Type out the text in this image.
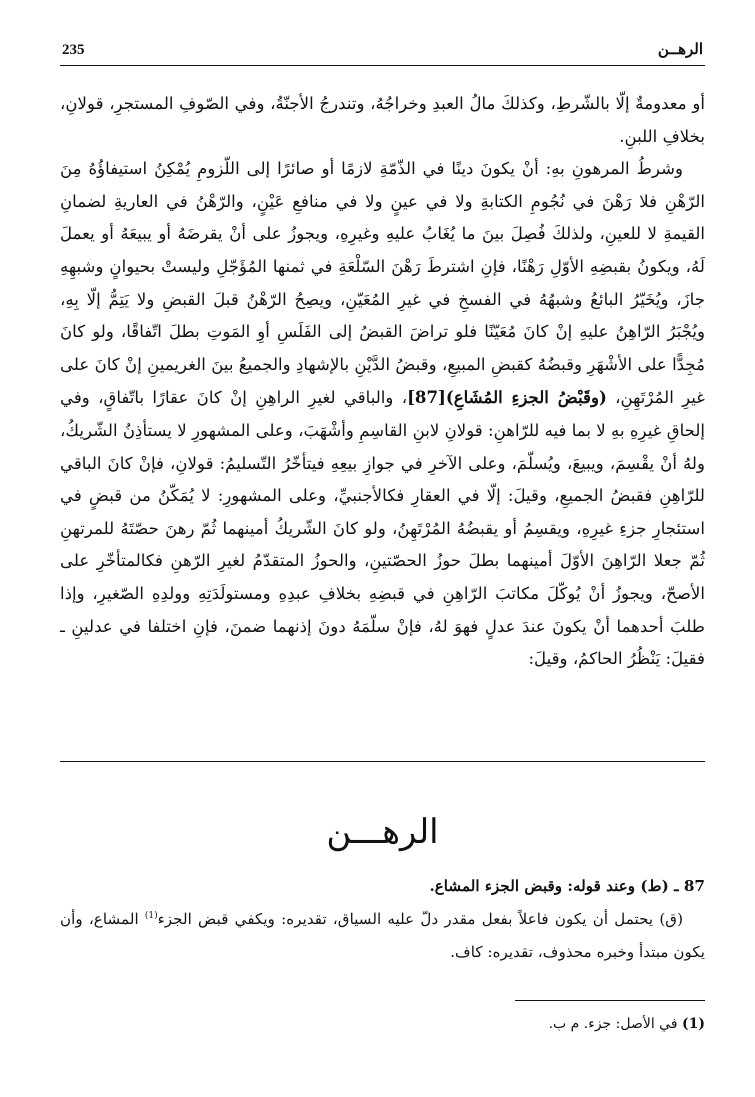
235	الرهــن

أو معدومةٌ إلّا بالشّرطِ، وكذلكَ مالُ العبدِ وخراجُهُ، وتندرجُ الأجنّةُ، وفي الصّوفِ المستجرِ، قولانِ، بخلافِ اللبنِ.

وشرطُ المرهونِ بهِ: أنْ يكونَ دينًا في الذّمّةِ لازمًا أو صائرًا إلى اللّزومِ يُمْكِنُ استيفاؤُهُ مِنَ الرّهْنِ فلا رَهْنَ في نُجُومِ الكتابةِ ولا في عينٍ ولا في منافعِ عَيْنٍ، والرّهْنُ في العاريةِ لضمانِ القيمةِ لا للعينِ، ولذلكَ فُصِلَ بينَ ما يُغَابُ عليهِ وغيرِهِ، ويجوزُ على أنْ يقرضَهُ أو يبيعَهُ أو يعملَ لَهُ، ويكونُ بقبضِهِ الأوّلِ رَهْنًا، فإنِ اشترطَ رَهْنَ السّلْعَةِ في ثمنها المُؤَجّلِ وليستْ بحيوانٍ وشبهِهِ جازَ، ويُخَيّرُ البائعُ وشبهُهُ في الفسخِ في غيرِ المُعَيّنِ، ويصِحُ الرّهْنُ قبلَ القبضِ ولا يَتِمُّ إلّا بِهِ، ويُجْبَرُ الرّاهِنُ عليهِ إنْ كانَ مُعَيّنًا فلو تراضَ القبضُ إلى الفَلَسِ أوِ المَوتِ بطلَ اتّفاقًا، ولو كانَ مُجِدًّا على الأشْهَرِ وقبضُهُ كقبضِ المبيعِ، وقبضُ الدَّيْنِ بالإشهادِ والجميعُ بينَ الغريمينِ إنْ كانَ على غيرِ المُرْتَهِنِ، (وقَبْضُ الجزءِ المُشَاعِ)[87]، والباقي لغيرِ الراهِنِ إنْ كانَ عقارًا باتّفاقٍ، وفي إلحاقِ غيرِهِ بهِ لا بما فيه للرّاهنِ: قولانِ لابنِ القاسِمِ وأشْهَبَ، وعلى المشهورِ لا يستأذِنُ الشّريكُ، ولهُ أنْ يقْسِمَ، ويبيعَ، ويُسلّمَ، وعلى الآخرِ في جوازِ بيعِهِ فيتأخّرُ التّسليمُ: قولانِ، فإنْ كانَ الباقي للرّاهِنِ فقبضُ الجميعِ، وقيلَ: إلّا في العقارِ فكالأجنبيِّ، وعلى المشهورِ: لا يُمَكّنُ من قبضٍ في استئجارِ جزءِ غيرِهِ، ويقسِمُ أو يقبضُهُ المُرْتَهِنُ، ولو كانَ الشّريكُ أمينهما ثُمّ رهنَ حصّتَهُ للمرتهنِ ثُمّ جعلا الرّاهِنَ الأوّلَ أمينهما بطلَ حوزُ الحصّتينِ، والحوزُ المتقدّمُ لغيرِ الرّهنِ فكالمتأخّرِ على الأصحّ، ويجوزُ أنْ يُوكّلَ مكاتبَ الرّاهِنِ في قبضِهِ بخلافِ عبدِهِ ومستولَدَتِهِ وولدِهِ الصّغيرِ، وإذا طلبَ أحدهما أنْ يكونَ عندَ عدلٍ فهوَ لهُ، فإنْ سلّمَهُ دونَ إذنهما ضمنَ، فإنِ اختلفا في عدلينِ ـ فقيلَ: يَنْظُرُ الحاكمُ، وقيلَ:

الرهـــن

87 ـ (ط) وعند قوله: وقبض الجزء المشاع.

(ق) يحتمل أن يكون فاعلاً بفعل مقدر دلّ عليه السياق، تقديره: ويكفي قبض الجزء$^{(1)}$ المشاع، وأن يكون مبتدأ وخبره محذوف، تقديره: كاف.

(1) في الأصل: جزء. م ب.
